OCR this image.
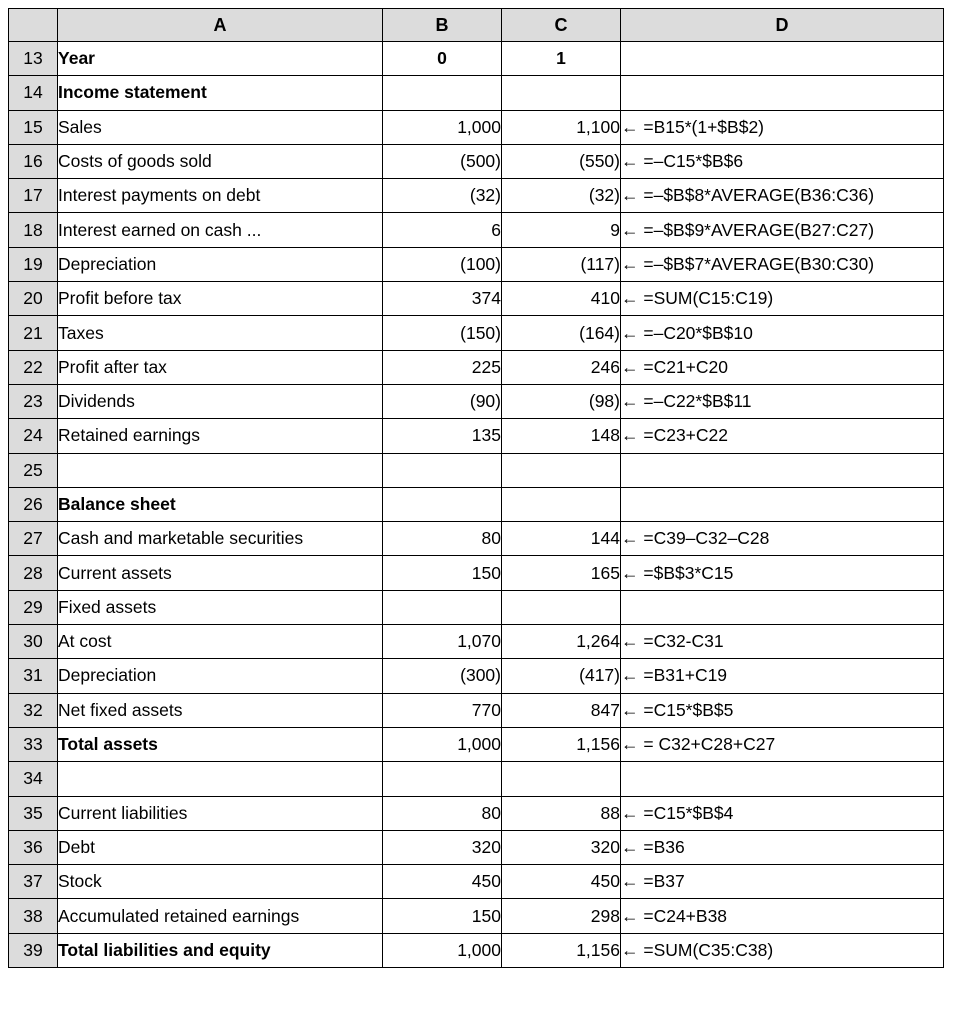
	A	B	C	D
13	Year	0	1	
14	Income statement			
15	Sales	1,000	1,100	← =B15*(1+$B$2)
16	Costs of goods sold	(500)	(550)	← =–C15*$B$6
17	Interest payments on debt	(32)	(32)	← =–$B$8*AVERAGE(B36:C36)
18	Interest earned on cash ...	6	9	← =–$B$9*AVERAGE(B27:C27)
19	Depreciation	(100)	(117)	← =–$B$7*AVERAGE(B30:C30)
20	Profit before tax	374	410	← =SUM(C15:C19)
21	Taxes	(150)	(164)	← =–C20*$B$10
22	Profit after tax	225	246	← =C21+C20
23	Dividends	(90)	(98)	← =–C22*$B$11
24	Retained earnings	135	148	← =C23+C22
25				
26	Balance sheet			
27	Cash and marketable securities	80	144	← =C39–C32–C28
28	Current assets	150	165	← =$B$3*C15
29	Fixed assets			
30	At cost	1,070	1,264	← =C32-C31
31	Depreciation	(300)	(417)	← =B31+C19
32	Net fixed assets	770	847	← =C15*$B$5
33	Total assets	1,000	1,156	← = C32+C28+C27
34				
35	Current liabilities	80	88	← =C15*$B$4
36	Debt	320	320	← =B36
37	Stock	450	450	← =B37
38	Accumulated retained earnings	150	298	← =C24+B38
39	Total liabilities and equity	1,000	1,156	← =SUM(C35:C38)
